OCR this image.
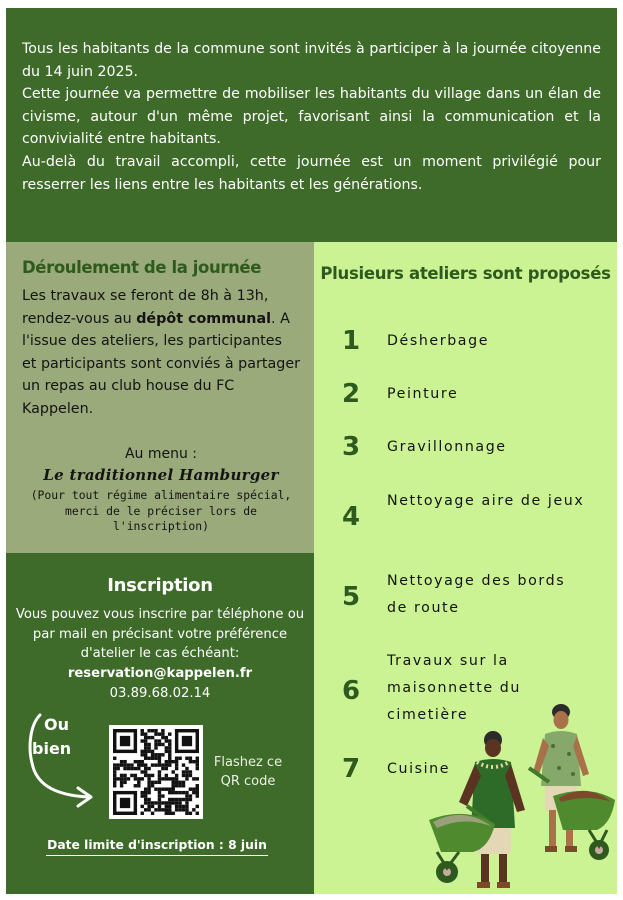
Tous les habitants de la commune sont invités à participer à la journée citoyenne du 14 juin 2025.

Cette journée va permettre de mobiliser les habitants du village dans un élan de civisme, autour d'un même projet, favorisant ainsi la communication et la convivialité entre habitants.

Au-delà du travail accompli, cette journée est un moment privilégié pour resserrer les liens entre les habitants et les générations.

Déroulement de la journée

Les travaux se feront de 8h à 13h, rendez-vous au dépôt communal. A l'issue des ateliers, les participantes et participants sont conviés à partager un repas au club house du FC Kappelen.

Au menu :
Le traditionnel Hamburger
(Pour tout régime alimentaire spécial, merci de le préciser lors de l'inscription)
Inscription
Vous pouvez vous inscrire par téléphone ou par mail en précisant votre préférence d'atelier le cas échéant:
reservation@kappelen.fr
03.89.68.02.14
Ou
bien
Flashez ce QR code
Date limite d'inscription : 8 juin
Plusieurs ateliers sont proposés
1 Désherbage
2 Peinture
3 Gravillonnage
4
Nettoyage aire de jeux
5
Nettoyage des bords de route
6
Travaux sur la maisonnette du cimetière
7 Cuisine
